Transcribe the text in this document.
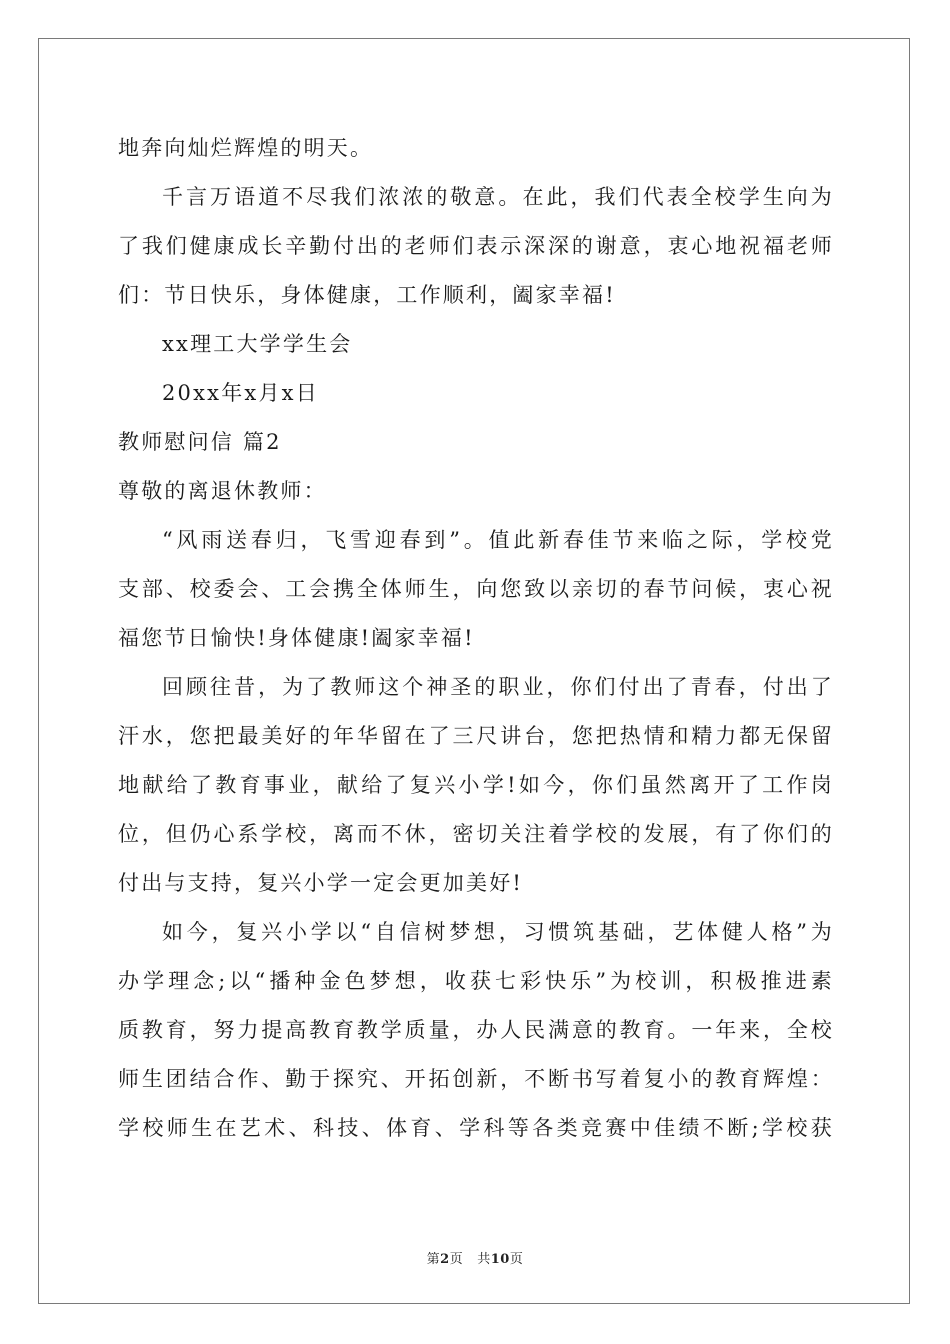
地奔向灿烂辉煌的明天。
千言万语道不尽我们浓浓的敬意。在此，我们代表全校学生向为
了我们健康成长辛勤付出的老师们表示深深的谢意，衷心地祝福老师
们：节日快乐，身体健康，工作顺利，阖家幸福!
xx理工大学学生会
20xx年x月x日
教师慰问信 篇2
尊敬的离退休教师：
“风雨送春归，飞雪迎春到”。值此新春佳节来临之际，学校党
支部、校委会、工会携全体师生，向您致以亲切的春节问候，衷心祝
福您节日愉快!身体健康!阖家幸福!
回顾往昔，为了教师这个神圣的职业，你们付出了青春，付出了
汗水，您把最美好的年华留在了三尺讲台，您把热情和精力都无保留
地献给了教育事业，献给了复兴小学!如今，你们虽然离开了工作岗
位，但仍心系学校，离而不休，密切关注着学校的发展，有了你们的
付出与支持，复兴小学一定会更加美好!
如今，复兴小学以“自信树梦想，习惯筑基础，艺体健人格”为
办学理念;以“播种金色梦想，收获七彩快乐”为校训，积极推进素
质教育，努力提高教育教学质量，办人民满意的教育。一年来，全校
师生团结合作、勤于探究、开拓创新，不断书写着复小的教育辉煌：
学校师生在艺术、科技、体育、学科等各类竞赛中佳绩不断;学校获
第2页 共10页
